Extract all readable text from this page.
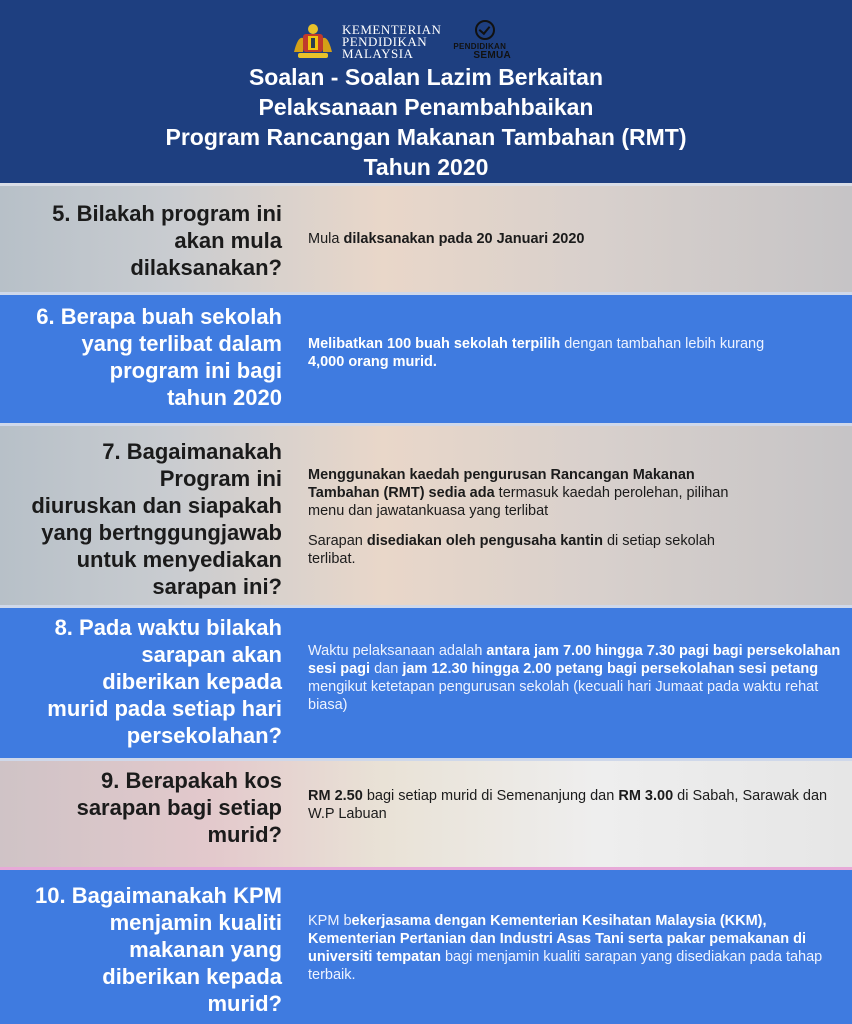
KEMENTERIAN
PENDIDIKAN
MALAYSIA	PENDIDIKAN
SEMUA
Soalan - Soalan Lazim Berkaitan
Pelaksanaan Penambahbaikan
Program Rancangan Makanan Tambahan (RMT)
Tahun 2020
5. Bilakah program ini
akan mula
dilaksanakan?
Mula dilaksanakan pada 20 Januari 2020
6. Berapa buah sekolah
yang terlibat dalam
program ini bagi
tahun 2020
Melibatkan 100 buah sekolah terpilih dengan tambahan lebih kurang 4,000 orang murid.
7. Bagaimanakah
Program ini
diuruskan dan siapakah
yang bertnggungjawab
untuk menyediakan
sarapan ini?
Menggunakan kaedah pengurusan Rancangan Makanan Tambahan (RMT) sedia ada termasuk kaedah perolehan, pilihan menu dan jawatankuasa yang terlibat
Sarapan disediakan oleh pengusaha kantin di setiap sekolah terlibat.
8. Pada waktu bilakah
sarapan akan
diberikan kepada
murid pada setiap hari
persekolahan?
Waktu pelaksanaan adalah antara jam 7.00 hingga 7.30 pagi bagi persekolahan sesi pagi dan jam 12.30 hingga 2.00 petang bagi persekolahan sesi petang mengikut ketetapan pengurusan sekolah (kecuali hari Jumaat pada waktu rehat biasa)
9. Berapakah kos
sarapan bagi setiap
murid?
RM 2.50 bagi setiap murid di Semenanjung dan RM 3.00 di Sabah, Sarawak dan W.P Labuan
10. Bagaimanakah KPM
menjamin kualiti
makanan yang
diberikan kepada
murid?
KPM bekerjasama dengan Kementerian Kesihatan Malaysia (KKM), Kementerian Pertanian dan Industri Asas Tani serta pakar pemakanan di universiti tempatan bagi menjamin kualiti sarapan yang disediakan pada tahap terbaik.
